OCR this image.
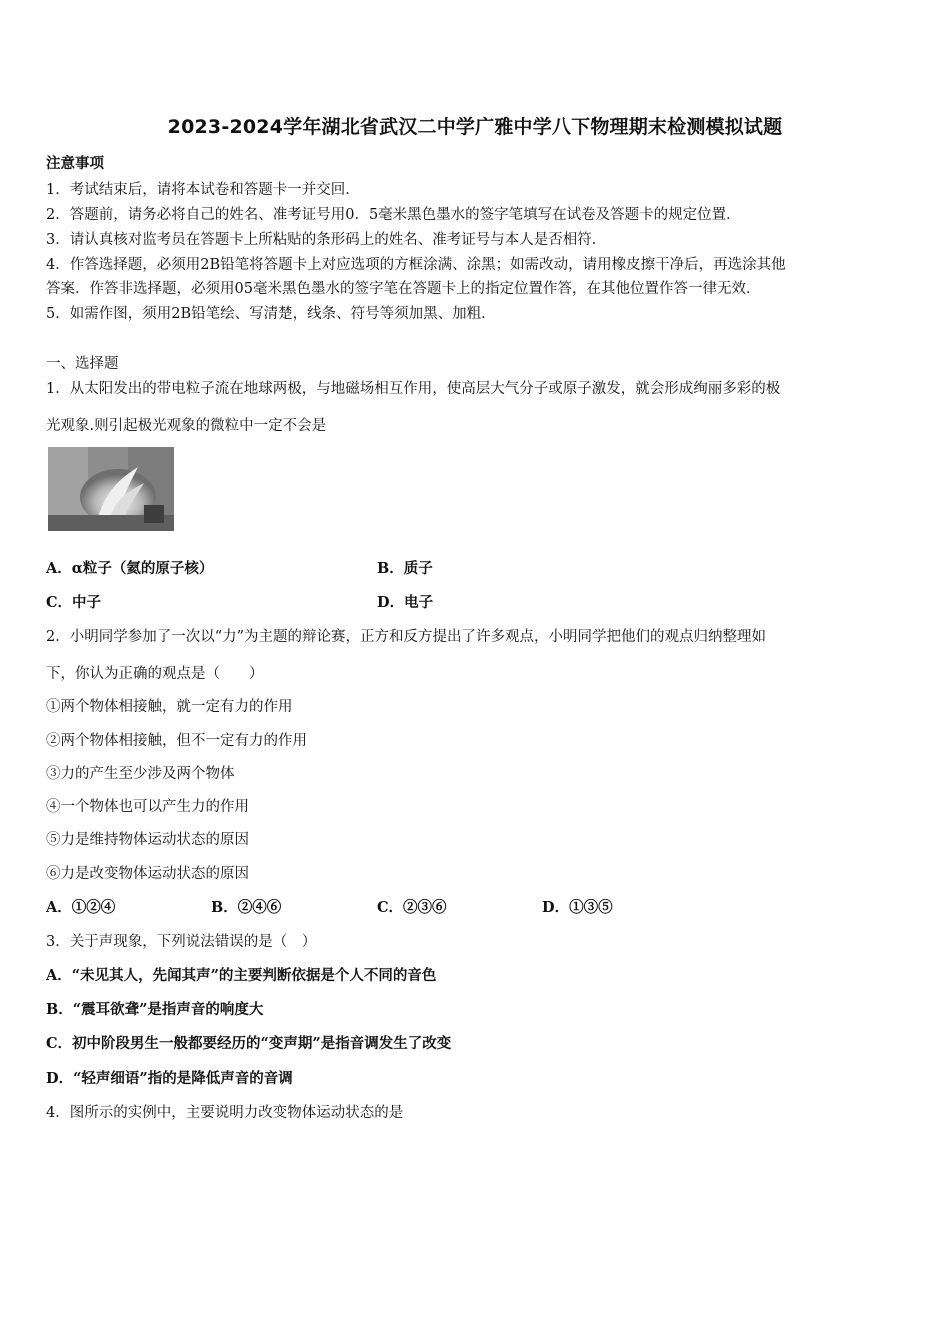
2023-2024学年湖北省武汉二中学广雅中学八下物理期末检测模拟试题
注意事项
1．考试结束后，请将本试卷和答题卡一并交回．
2．答题前，请务必将自己的姓名、准考证号用0．5毫米黑色墨水的签字笔填写在试卷及答题卡的规定位置．
3．请认真核对监考员在答题卡上所粘贴的条形码上的姓名、准考证号与本人是否相符．
4．作答选择题，必须用2B铅笔将答题卡上对应选项的方框涂满、涂黑；如需改动，请用橡皮擦干净后，再选涂其他
答案．作答非选择题，必须用05毫米黑色墨水的签字笔在答题卡上的指定位置作答，在其他位置作答一律无效．
5．如需作图，须用2B铅笔绘、写清楚，线条、符号等须加黑、加粗．
一、选择题
1．从太阳发出的带电粒子流在地球两极，与地磁场相互作用，使高层大气分子或原子激发，就会形成绚丽多彩的极
光观象.则引起极光观象的微粒中一定不会是
A．α粒子（氦的原子核）	B．质子
C．中子	D．电子
2．小明同学参加了一次以“力”为主题的辩论赛，正方和反方提出了许多观点，小明同学把他们的观点归纳整理如
下，你认为正确的观点是（　　）
①两个物体相接触，就一定有力的作用
②两个物体相接触，但不一定有力的作用
③力的产生至少涉及两个物体
④一个物体也可以产生力的作用
⑤力是维持物体运动状态的原因
⑥力是改变物体运动状态的原因
A．①②④	B．②④⑥	C．②③⑥	D．①③⑤
3．关于声现象，下列说法错误的是（　）
A．“未见其人，先闻其声”的主要判断依据是个人不同的音色
B．“震耳欲聋”是指声音的响度大
C．初中阶段男生一般都要经历的“变声期”是指音调发生了改变
D．“轻声细语”指的是降低声音的音调
4．图所示的实例中，主要说明力改变物体运动状态的是
